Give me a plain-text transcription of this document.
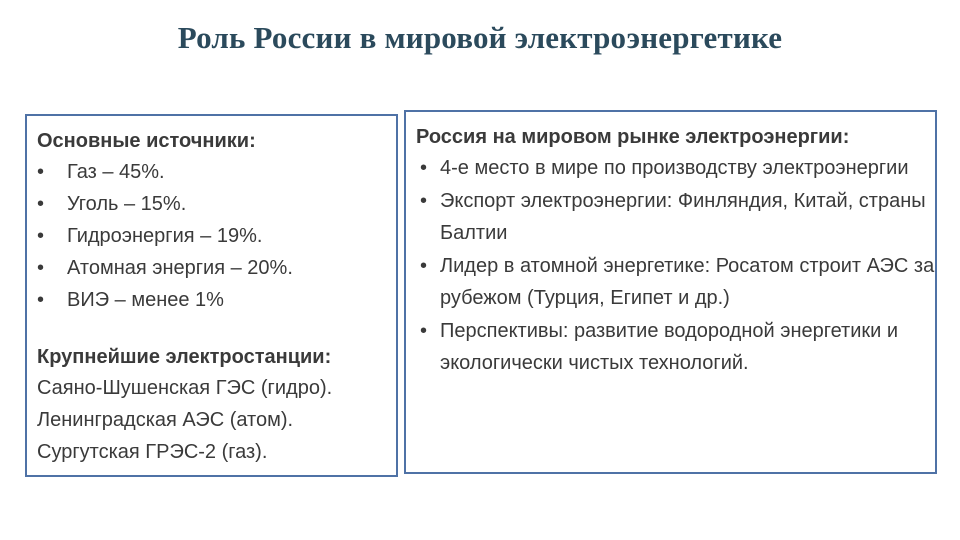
Роль России в мировой электроэнергетике
Основные источники:
• Газ – 45%.
• Уголь – 15%.
• Гидроэнергия – 19%.
• Атомная энергия – 20%.
• ВИЭ – менее 1%
Крупнейшие электростанции:
Саяно-Шушенская ГЭС (гидро).
Ленинградская АЭС (атом).
Сургутская ГРЭС-2 (газ).
Россия на мировом рынке электроэнергии:
• 4-е место в мире по производству электроэнергии
• Экспорт электроэнергии: Финляндия, Китай, страны Балтии
• Лидер в атомной энергетике: Росатом строит АЭС за рубежом (Турция, Египет и др.)
• Перспективы: развитие водородной энергетики и экологически чистых технологий.
